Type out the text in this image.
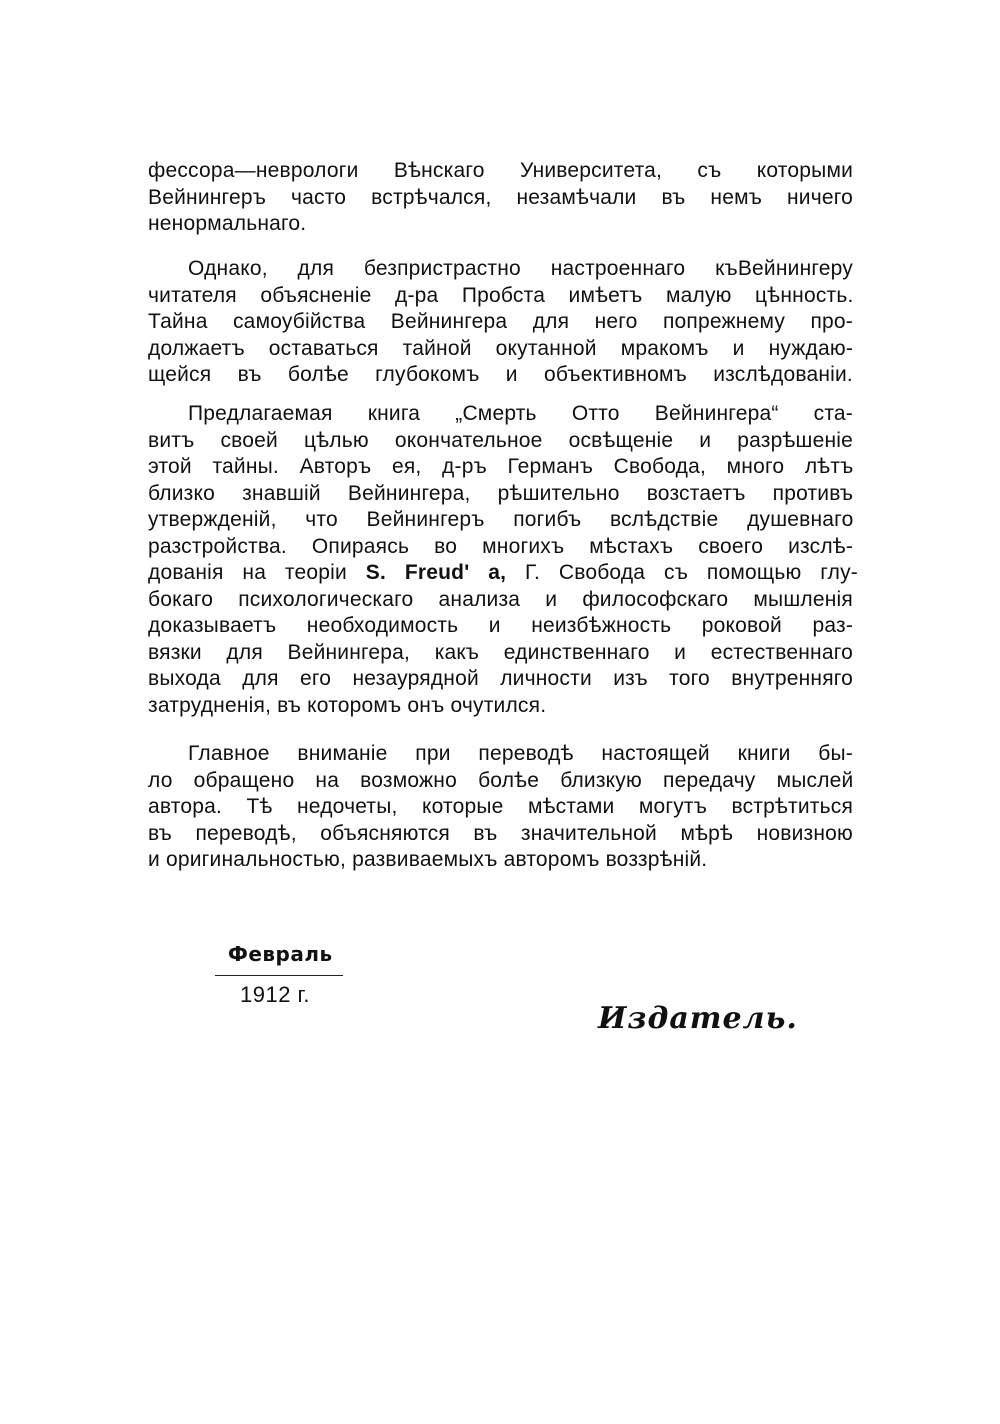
фессора—неврологи Вѣнскаго Университета, съ которыми
Вейнингеръ часто встрѣчался, незамѣчали въ немъ ничего
ненормальнаго.
Однако, для безпристрастно настроеннаго къВейнингеру
читателя объясненіе д-ра Пробста имѣетъ малую цѣнность.
Тайна самоубійства Вейнингера для него попрежнему про-
должаетъ оставаться тайной окутанной мракомъ и нуждаю-
щейся въ болѣе глубокомъ и объективномъ изслѣдованіи.
Предлагаемая книга „Смерть Отто Вейнингера“ ста-
витъ своей цѣлью окончательное освѣщеніе и разрѣшеніе
этой тайны. Авторъ ея, д-ръ Германъ Свобода, много лѣтъ
близко знавшій Вейнингера, рѣшительно возстаетъ противъ
утвержденій, что Вейнингеръ погибъ вслѣдствіе душевнаго
разстройства. Опираясь во многихъ мѣстахъ своего изслѣ-
дованія на теоріи S. Freud' a, Г. Свобода съ помощью глу-
бокаго психологическаго анализа и философскаго мышленія
доказываетъ необходимость и неизбѣжность роковой раз-
вязки для Вейнингера, какъ единственнаго и естественнаго
выхода для его незаурядной личности изъ того внутренняго
затрудненія, въ которомъ онъ очутился.
Главное вниманіе при переводѣ настоящей книги бы-
ло обращено на возможно болѣе близкую передачу мыслей
автора. Тѣ недочеты, которые мѣстами могутъ встрѣтиться
въ переводѣ, объясняются въ значительной мѣрѣ новизною
и оригинальностью, развиваемыхъ авторомъ воззрѣній.
Февраль
1912 г.
Издатель.
